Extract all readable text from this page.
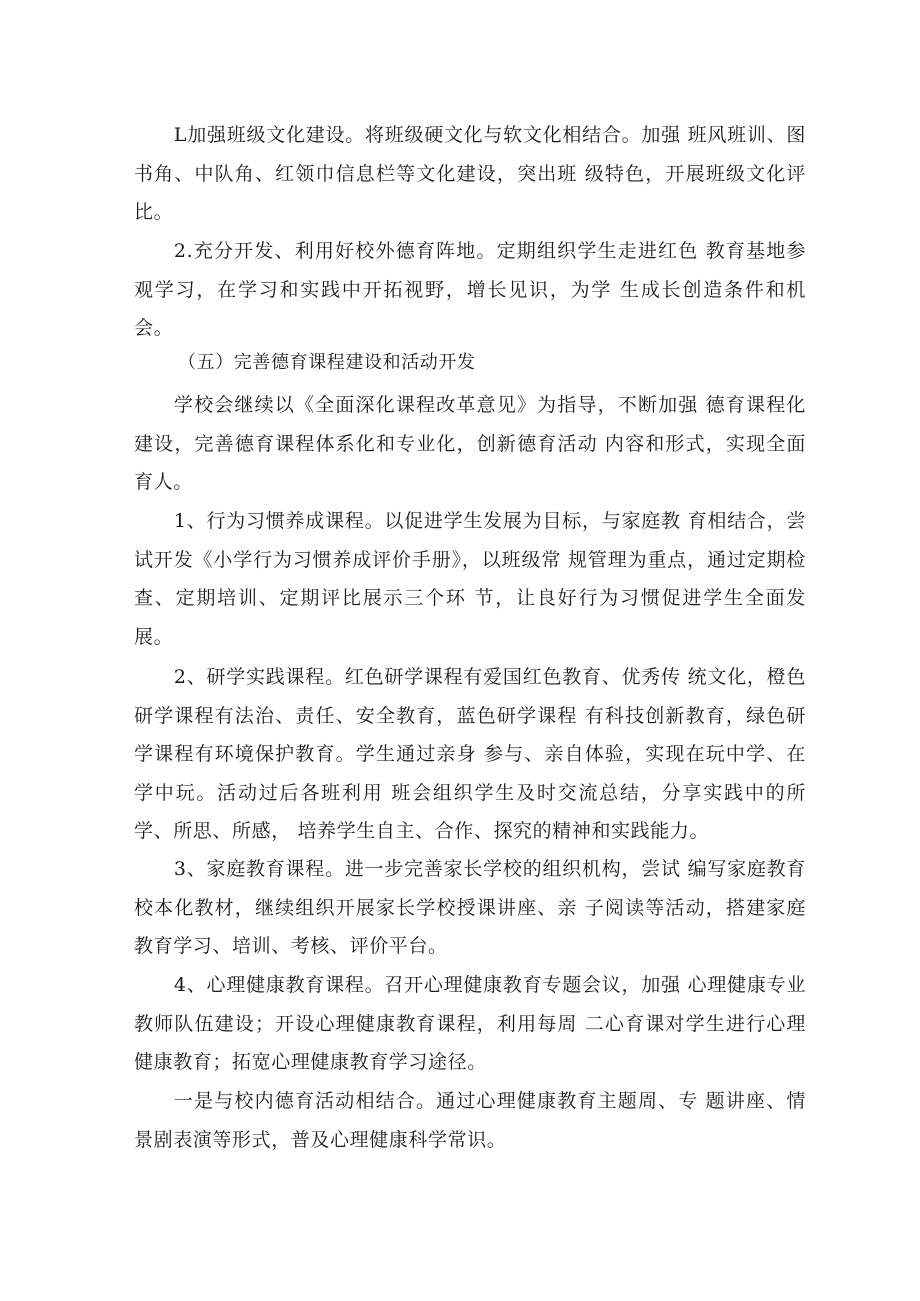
L加强班级文化建设。将班级硬文化与软文化相结合。加强 班风班训、图书角、中队角、红领巾信息栏等文化建设，突出班 级特色，开展班级文化评比。

2.充分开发、利用好校外德育阵地。定期组织学生走进红色 教育基地参观学习，在学习和实践中开拓视野，增长见识，为学 生成长创造条件和机会。

（五）完善德育课程建设和活动开发

学校会继续以《全面深化课程改革意见》为指导，不断加强 德育课程化建设，完善德育课程体系化和专业化，创新德育活动 内容和形式，实现全面育人。

1、行为习惯养成课程。以促进学生发展为目标，与家庭教 育相结合，尝试开发《小学行为习惯养成评价手册》，以班级常 规管理为重点，通过定期检查、定期培训、定期评比展示三个环 节，让良好行为习惯促进学生全面发展。

2、研学实践课程。红色研学课程有爱国红色教育、优秀传 统文化，橙色研学课程有法治、责任、安全教育，蓝色研学课程 有科技创新教育，绿色研学课程有环境保护教育。学生通过亲身 参与、亲自体验，实现在玩中学、在学中玩。活动过后各班利用 班会组织学生及时交流总结，分享实践中的所学、所思、所感， 培养学生自主、合作、探究的精神和实践能力。

3、家庭教育课程。进一步完善家长学校的组织机构，尝试 编写家庭教育校本化教材，继续组织开展家长学校授课讲座、亲 子阅读等活动，搭建家庭教育学习、培训、考核、评价平台。

4、心理健康教育课程。召开心理健康教育专题会议，加强 心理健康专业教师队伍建设；开设心理健康教育课程，利用每周 二心育课对学生进行心理健康教育；拓宽心理健康教育学习途径。

一是与校内德育活动相结合。通过心理健康教育主题周、专 题讲座、情景剧表演等形式，普及心理健康科学常识。
